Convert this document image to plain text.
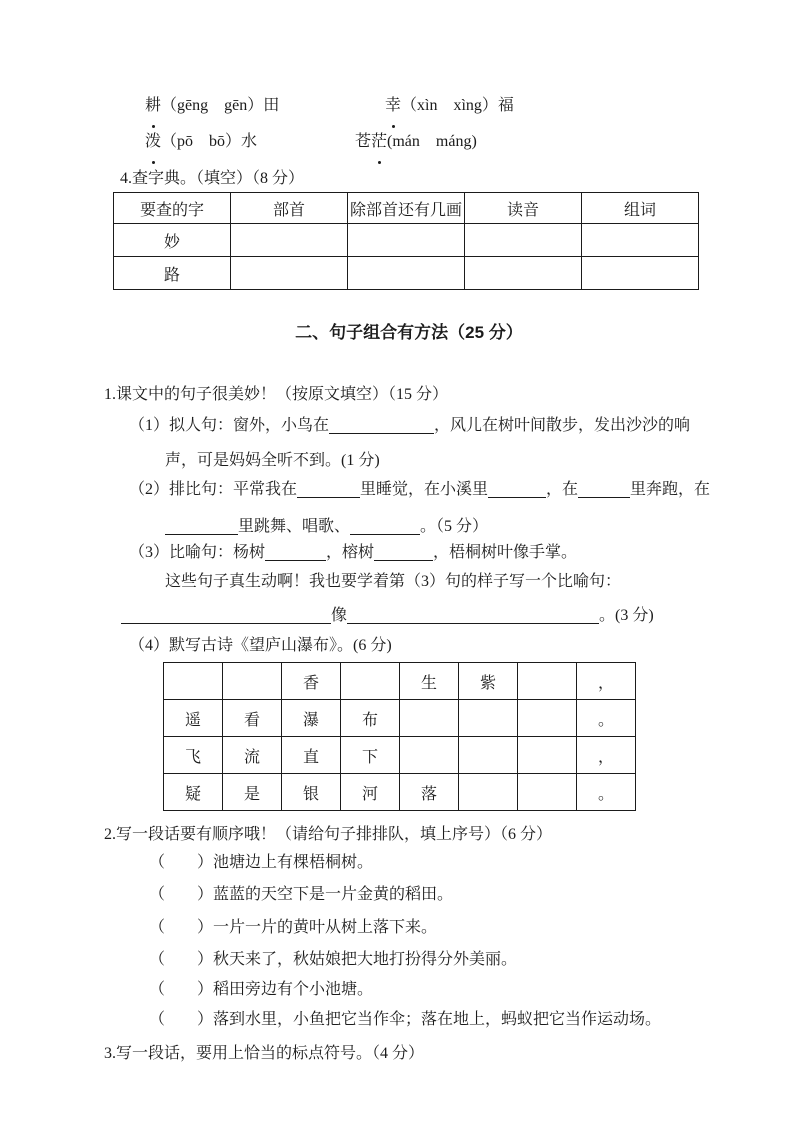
耕（gēng　gēn）田	幸（xìn　xìng）福
泼（pō　bō）水	苍茫(mán　máng)
4.查字典。（填空）（8 分）
要查的字	部首	除部首还有几画	读音	组词
妙				
路				
二、句子组合有方法（25 分）
1.课文中的句子很美妙！（按原文填空）（15 分）
（1）拟人句：窗外，小鸟在	，风儿在树叶间散步，发出沙沙的响
声，可是妈妈全听不到。(1 分)
（2）排比句：平常我在	里睡觉，在小溪里	，在	里奔跑，在
里跳舞、唱歌、	。（5 分）
（3）比喻句：杨树	，榕树	，梧桐树叶像手掌。
这些句子真生动啊！我也要学着第（3）句的样子写一个比喻句：
像	。(3 分)
（4）默写古诗《望庐山瀑布》。(6 分)
		香		生	紫		，
遥	看	瀑	布				。
飞	流	直	下				，
疑	是	银	河	落			。
2.写一段话要有顺序哦！（请给句子排排队，填上序号）（6 分）
（　　）池塘边上有棵梧桐树。
（　　）蓝蓝的天空下是一片金黄的稻田。
（　　）一片一片的黄叶从树上落下来。
（　　）秋天来了，秋姑娘把大地打扮得分外美丽。
（　　）稻田旁边有个小池塘。
（　　）落到水里，小鱼把它当作伞；落在地上，蚂蚁把它当作运动场。
3.写一段话，要用上恰当的标点符号。（4 分）
